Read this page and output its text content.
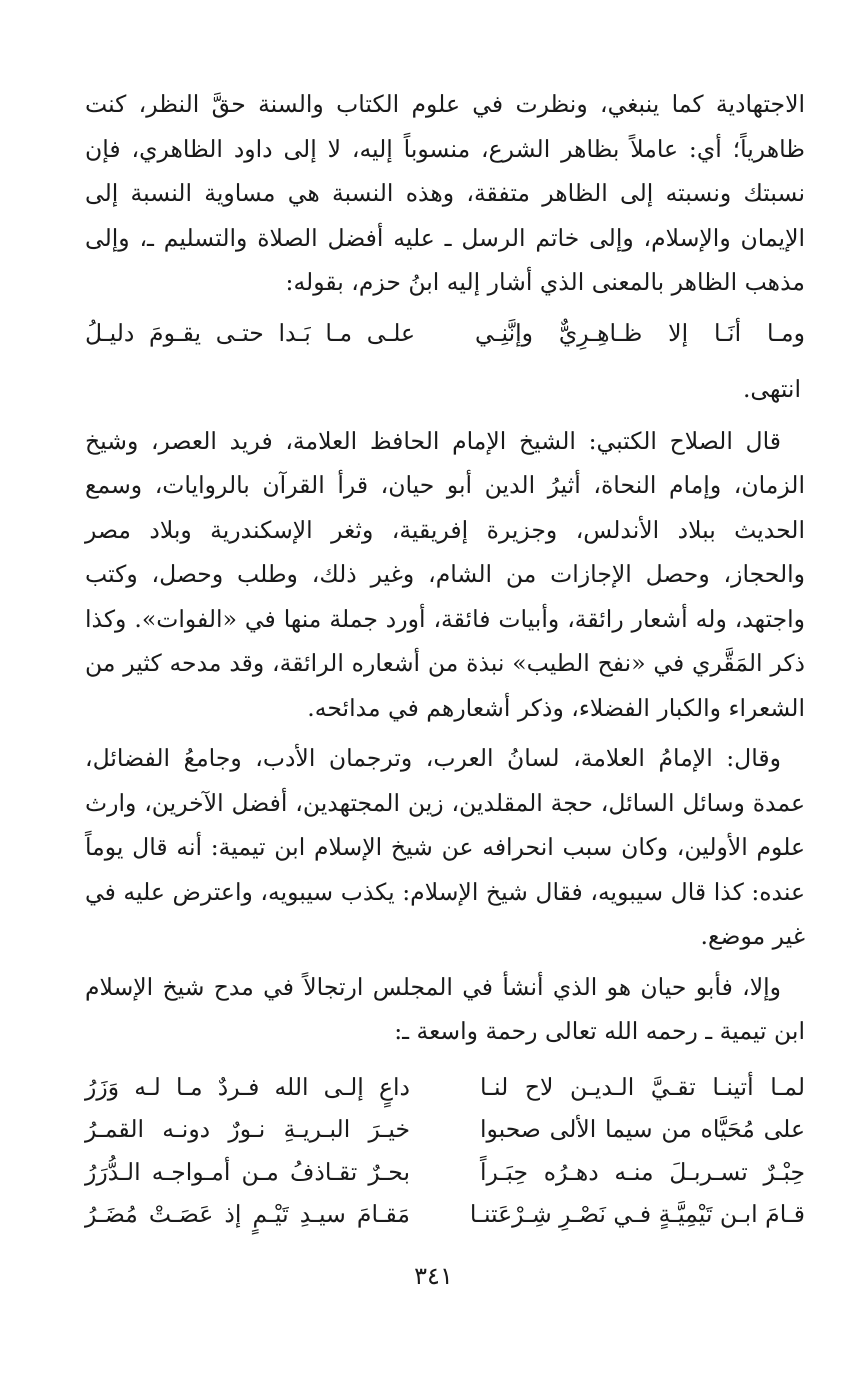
الاجتهادية كما ينبغي، ونظرت في علوم الكتاب والسنة حقَّ النظر، كنت ظاهرياً؛ أي: عاملاً بظاهر الشرع، منسوباً إليه، لا إلى داود الظاهري، فإن نسبتك ونسبته إلى الظاهر متفقة، وهذه النسبة هي مساوية النسبة إلى الإيمان والإسلام، وإلى خاتم الرسل ـ عليه أفضل الصلاة والتسليم ـ، وإلى مذهب الظاهر بالمعنى الذي أشار إليه ابنُ حزم، بقوله:

ومـا أنَـا إلا ظـاهِـرِيٌّ وإنَّنِـي
علـى مـا بَـدا حتـى يقـومَ دليـلُ
انتهى.

قال الصلاح الكتبي: الشيخ الإمام الحافظ العلامة، فريد العصر، وشيخ الزمان، وإمام النحاة، أثيرُ الدين أبو حيان، قرأ القرآن بالروايات، وسمع الحديث ببلاد الأندلس، وجزيرة إفريقية، وثغر الإسكندرية وبلاد مصر والحجاز، وحصل الإجازات من الشام، وغير ذلك، وطلب وحصل، وكتب واجتهد، وله أشعار رائقة، وأبيات فائقة، أورد جملة منها في «الفوات». وكذا ذكر المَقَّري في «نفح الطيب» نبذة من أشعاره الرائقة، وقد مدحه كثير من الشعراء والكبار الفضلاء، وذكر أشعارهم في مدائحه.

وقال: الإمامُ العلامة، لسانُ العرب، وترجمان الأدب، وجامعُ الفضائل، عمدة وسائل السائل، حجة المقلدين، زين المجتهدين، أفضل الآخرين، وارث علوم الأولين، وكان سبب انحرافه عن شيخ الإسلام ابن تيمية: أنه قال يوماً عنده: كذا قال سيبويه، فقال شيخ الإسلام: يكذب سيبويه، واعترض عليه في غير موضع.

وإلا، فأبو حيان هو الذي أنشأ في المجلس ارتجالاً في مدح شيخ الإسلام ابن تيمية ـ رحمه الله تعالى رحمة واسعة ـ:

لمـا أتينـا تقـيَّ الـديـن لاح لنـا
داعٍ إلـى الله فـردٌ مـا لـه وَزَرُ
على مُحَيَّاه من سيما الألى صحبوا
خيـرَ البـريـةِ نـورٌ دونـه القمـرُ
حِبْـرٌ تسـربـلَ منـه دهـرُه حِبَـراً
بحـرٌ تقـاذفُ مـن أمـواجـه الـدُّرَرُ
قـامَ ابـن تَيْمِيَّـةٍ فـي نَصْـرِ شِـرْعَتنـا
مَقـامَ سيـدِ تَيْـمٍ إذ عَصَـتْ مُضَـرُ
٣٤١
